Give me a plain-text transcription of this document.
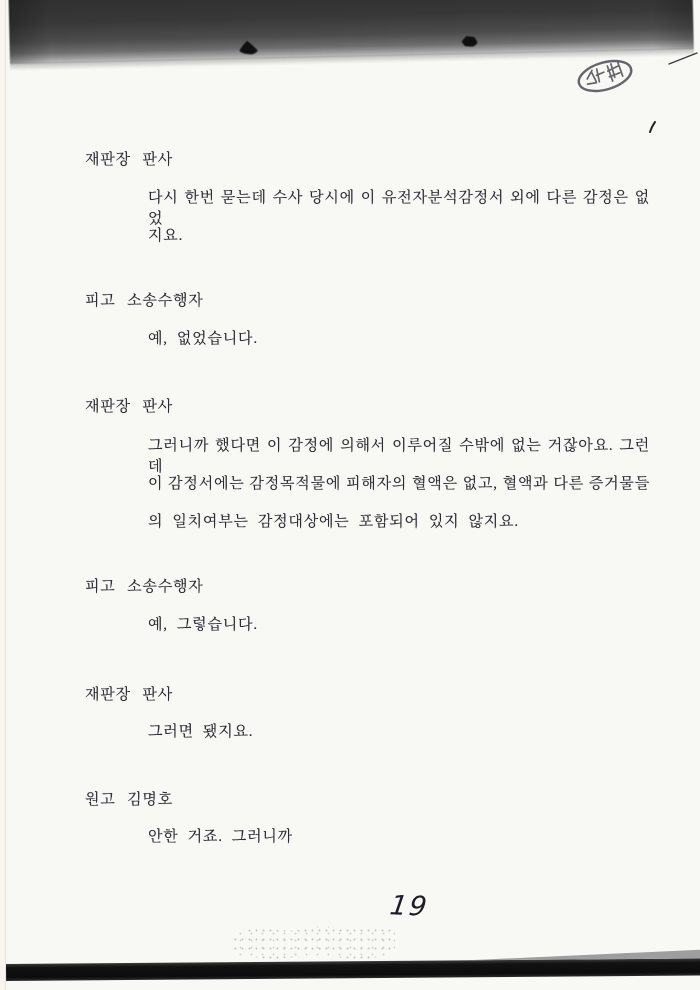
재판장 판사
다시 한번 묻는데 수사 당시에 이 유전자분석감정서 외에 다른 감정은 없었
지요.
피고 소송수행자
예, 없었습니다.
재판장 판사
그러니까 했다면 이 감정에 의해서 이루어질 수밖에 없는 거잖아요. 그런데
이 감정서에는 감정목적물에 피해자의 혈액은 없고, 혈액과 다른 증거물들
의 일치여부는 감정대상에는 포함되어 있지 않지요.
피고 소송수행자
예, 그렇습니다.
재판장 판사
그러면 됐지요.
원고 김명호
안한 거죠. 그러니까
19
